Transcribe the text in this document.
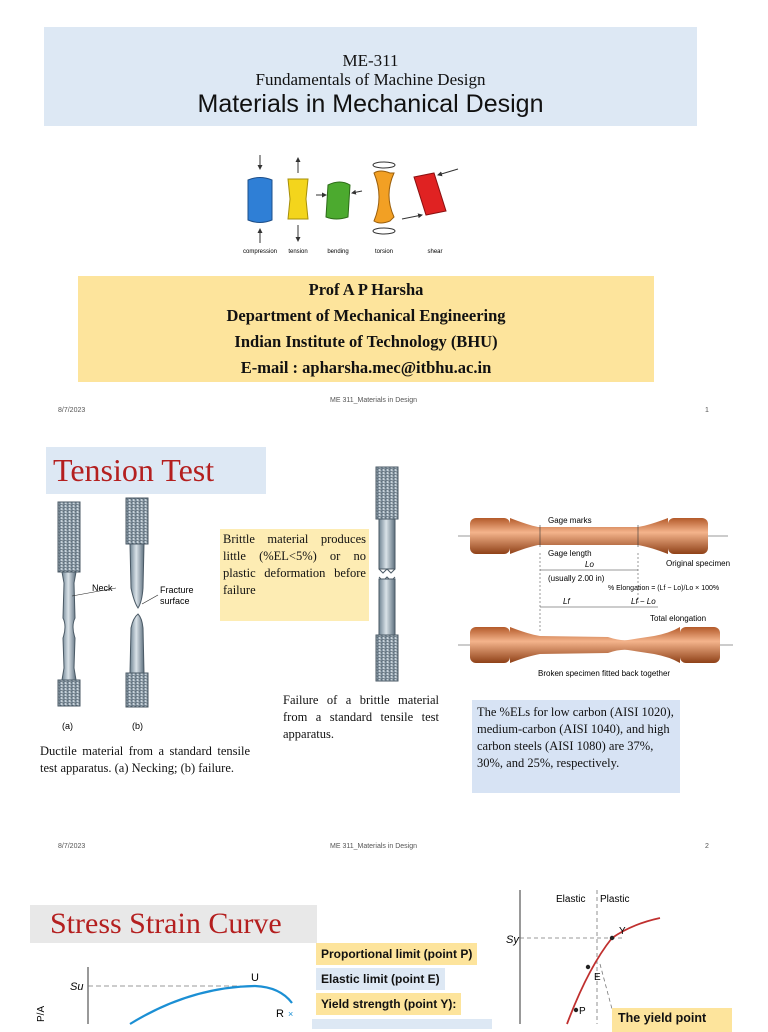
ME-311
Fundamentals of Machine Design
Materials in Mechanical Design
compression tension	bending	torsion	shear
Prof A P Harsha
Department of Mechanical Engineering
Indian Institute of Technology (BHU)
E-mail : apharsha.mec@itbhu.ac.in
8/7/2023
ME 311_Materials in Design
1
Tension Test
Neck	Fracture
surface
(a)	(b)
Brittle material produces little (%EL<5%) or no plastic deformation before failure
Ductile material from a standard tensile test apparatus. (a) Necking; (b) failure.
Failure of a brittle material from a standard tensile test apparatus.
Gage marks
Gage length
Lo
(usually 2.00 in)
Original specimen
% Elongation = (Lf − Lo)/Lo × 100%
Lf	Lf − Lo
Total elongation
Broken specimen fitted back together
The %ELs for low carbon (AISI 1020), medium-carbon (AISI 1040), and high carbon steels (AISI 1080) are 37%, 30%, and 25%, respectively.
8/7/2023	ME 311_Materials in Design	2
Stress Strain Curve
Su
U
R ×
P/A
Proportional limit (point P)
Elastic limit (point E)
Yield strength (point Y):
Elastic Plastic
Sy
Y
E
P	The yield point
